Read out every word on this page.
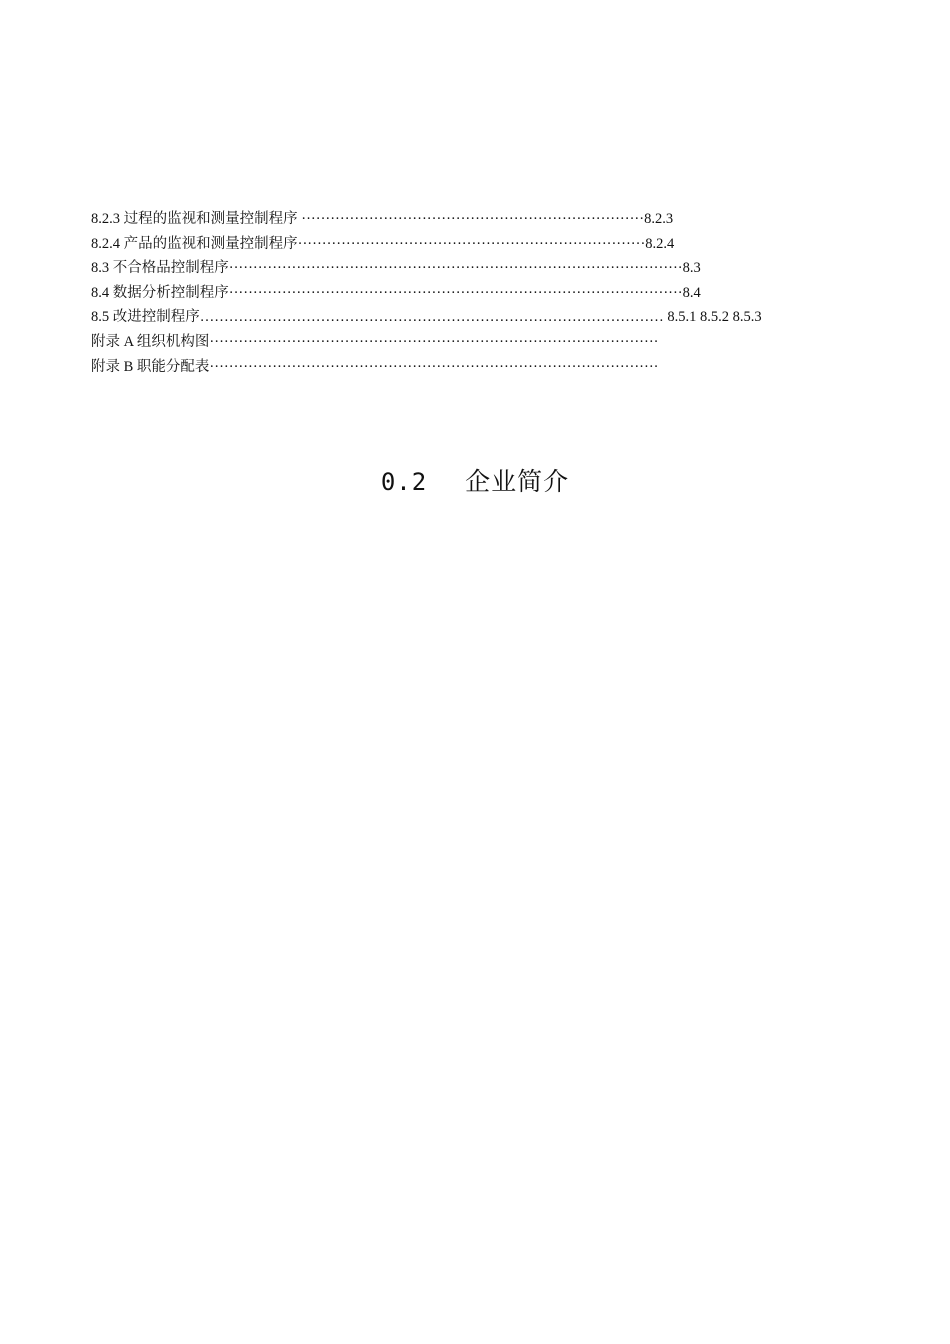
8.2.3 过程的监视和测量控制程序 ·······································································8.2.3
8.2.4 产品的监视和测量控制程序········································································8.2.4
8.3 不合格品控制程序······························································································8.3
8.4 数据分析控制程序······························································································8.4
8.5 改进控制程序…………………………………………………………………………………… 8.5.1 8.5.2 8.5.3
附录 A 组织机构图·····························································································
附录 B 职能分配表·····························································································
0.2 企业简介
